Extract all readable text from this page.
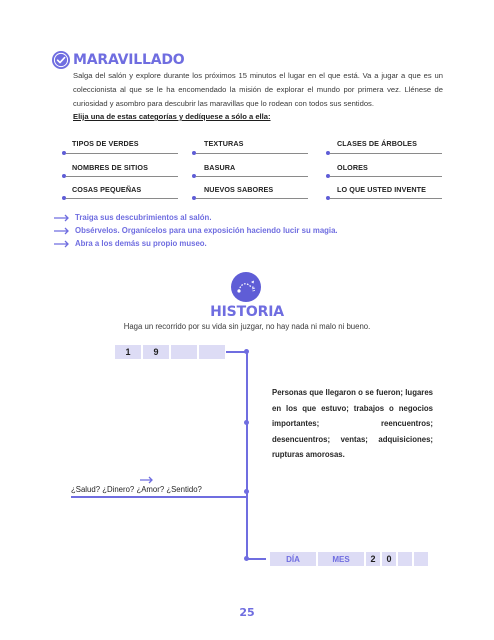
MARAVILLADO
Salga del salón y explore durante los próximos 15 minutos el lugar en el que está. Va a jugar a que es un coleccionista al que se le ha encomendado la misión de explorar el mundo por primera vez. Llénese de curiosidad y asombro para descubrir las maravillas que lo rodean con todos sus sentidos.
Elija una de estas categorías y dedíquese a sólo a ella:
TIPOS DE VERDES	TEXTURAS	CLASES DE ÁRBOLES
NOMBRES DE SITIOS	BASURA	OLORES
COSAS PEQUEÑAS	NUEVOS SABORES	LO QUE USTED INVENTE
Traiga sus descubrimientos al salón.
Obsérvelos. Organícelos para una exposición haciendo lucir su magia.
Abra a los demás su propio museo.
HISTORIA
Haga un recorrido por su vida sin juzgar, no hay nada ni malo ni bueno.
1	9
Personas que llegaron o se fueron; lugares en los que estuvo; trabajos o negocios importantes; reencuentros; desencuentros; ventas; adquisiciones; rupturas amorosas.
¿Salud? ¿Dinero? ¿Amor? ¿Sentido?
DÍA	MES	2	0
25
